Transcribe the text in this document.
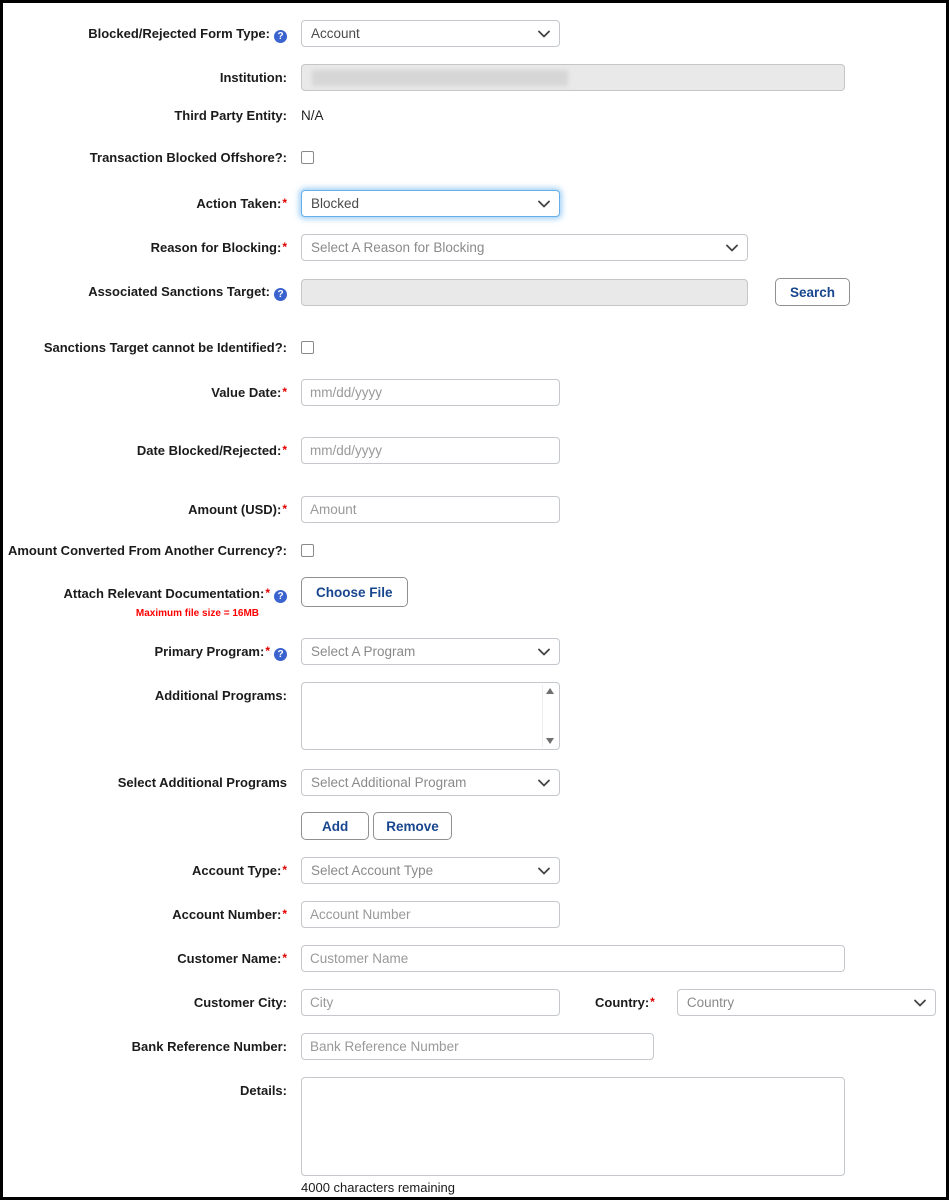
Blocked/Rejected Form Type: ?	Account
Institution:
Third Party Entity:	N/A
Transaction Blocked Offshore?:
Action Taken:*	Blocked
Reason for Blocking:*	Select A Reason for Blocking
Associated Sanctions Target: ?	Search
Sanctions Target cannot be Identified?:
Value Date:*
mm/dd/yyyy
Date Blocked/Rejected:*
mm/dd/yyyy
Amount (USD):*
Amount
Amount Converted From Another Currency?:
Attach Relevant Documentation:* ?
Maximum file size = 16MB
Choose File
Primary Program:* ?	Select A Program
Additional Programs:
Select Additional Programs	Select Additional Program
Add	Remove
Account Type:*	Select Account Type
Account Number:*
Account Number
Customer Name:*
Customer Name
Customer City:
City	Country:* Country
Bank Reference Number:
Bank Reference Number
Details:
4000 characters remaining
